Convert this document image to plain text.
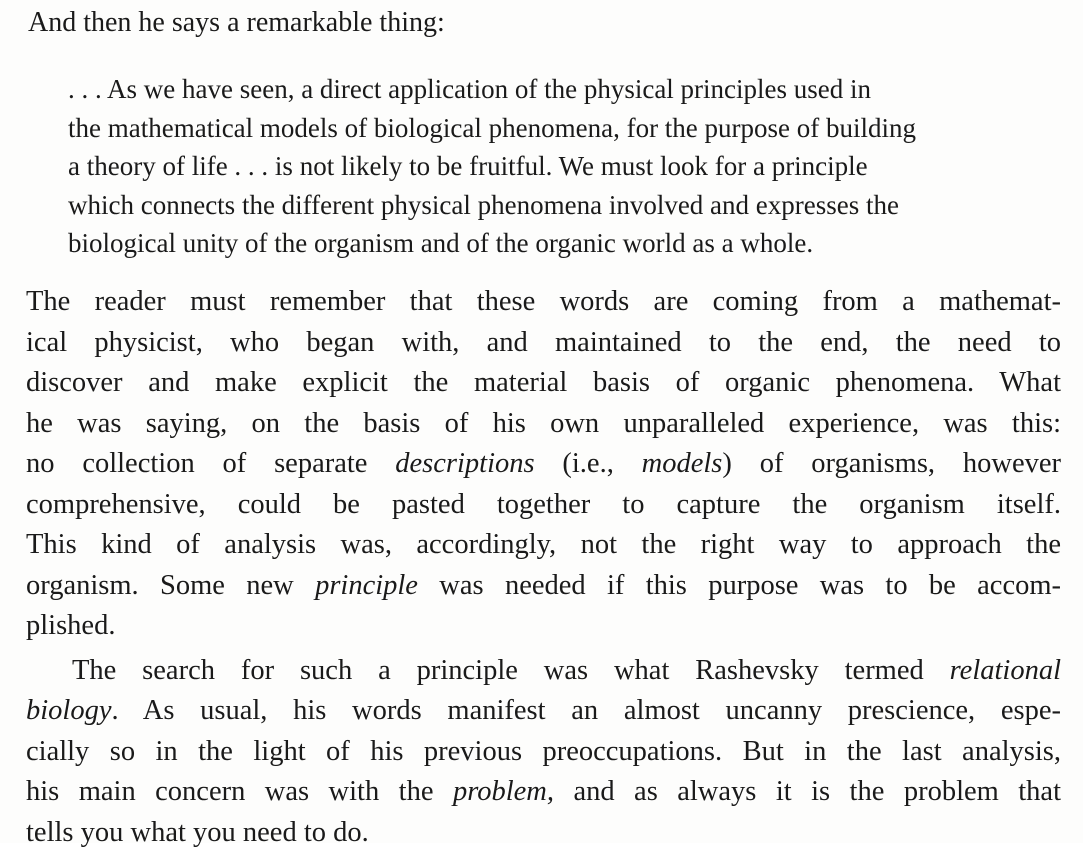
And then he says a remarkable thing:
. . . As we have seen, a direct application of the physical principles used in
the mathematical models of biological phenomena, for the purpose of building
a theory of life . . . is not likely to be fruitful. We must look for a principle
which connects the different physical phenomena involved and expresses the
biological unity of the organism and of the organic world as a whole.
The reader must remember that these words are coming from a mathemat-
ical physicist, who began with, and maintained to the end, the need to
discover and make explicit the material basis of organic phenomena. What
he was saying, on the basis of his own unparalleled experience, was this:
no collection of separate descriptions (i.e., models) of organisms, however
comprehensive, could be pasted together to capture the organism itself.
This kind of analysis was, accordingly, not the right way to approach the
organism. Some new principle was needed if this purpose was to be accom-
plished.
The search for such a principle was what Rashevsky termed relational
biology. As usual, his words manifest an almost uncanny prescience, espe-
cially so in the light of his previous preoccupations. But in the last analysis,
his main concern was with the problem, and as always it is the problem that
tells you what you need to do.
